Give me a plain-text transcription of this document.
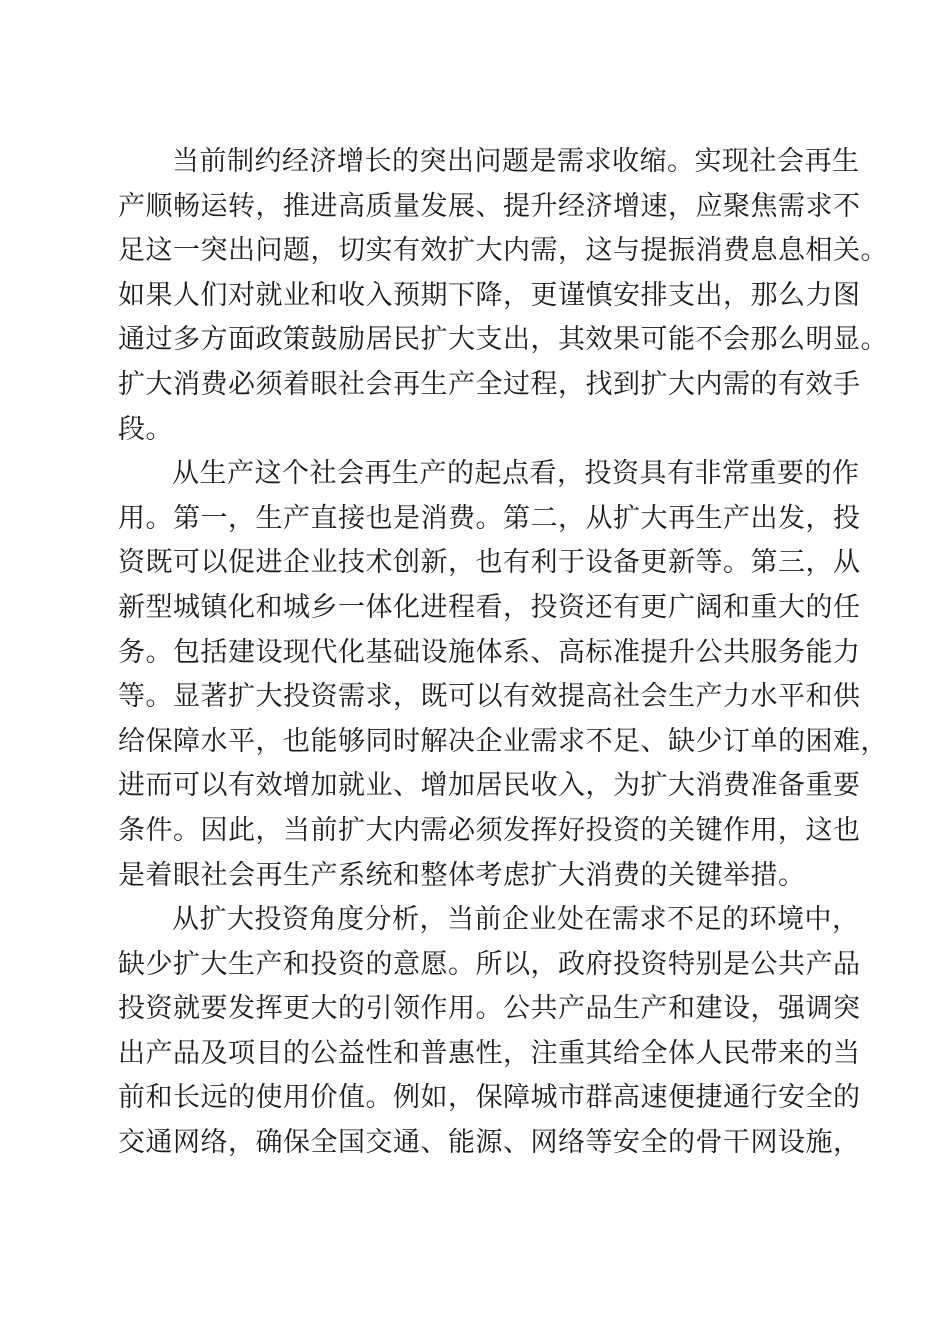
当前制约经济增长的突出问题是需求收缩。实现社会再生
产顺畅运转，推进高质量发展、提升经济增速，应聚焦需求不
足这一突出问题，切实有效扩大内需，这与提振消费息息相关。
如果人们对就业和收入预期下降，更谨慎安排支出，那么力图
通过多方面政策鼓励居民扩大支出，其效果可能不会那么明显。
扩大消费必须着眼社会再生产全过程，找到扩大内需的有效手
段。
从生产这个社会再生产的起点看，投资具有非常重要的作
用。第一，生产直接也是消费。第二，从扩大再生产出发，投
资既可以促进企业技术创新，也有利于设备更新等。第三，从
新型城镇化和城乡一体化进程看，投资还有更广阔和重大的任
务。包括建设现代化基础设施体系、高标准提升公共服务能力
等。显著扩大投资需求，既可以有效提高社会生产力水平和供
给保障水平，也能够同时解决企业需求不足、缺少订单的困难，
进而可以有效增加就业、增加居民收入，为扩大消费准备重要
条件。因此，当前扩大内需必须发挥好投资的关键作用，这也
是着眼社会再生产系统和整体考虑扩大消费的关键举措。
从扩大投资角度分析，当前企业处在需求不足的环境中，
缺少扩大生产和投资的意愿。所以，政府投资特别是公共产品
投资就要发挥更大的引领作用。公共产品生产和建设，强调突
出产品及项目的公益性和普惠性，注重其给全体人民带来的当
前和长远的使用价值。例如，保障城市群高速便捷通行安全的
交通网络，确保全国交通、能源、网络等安全的骨干网设施，
